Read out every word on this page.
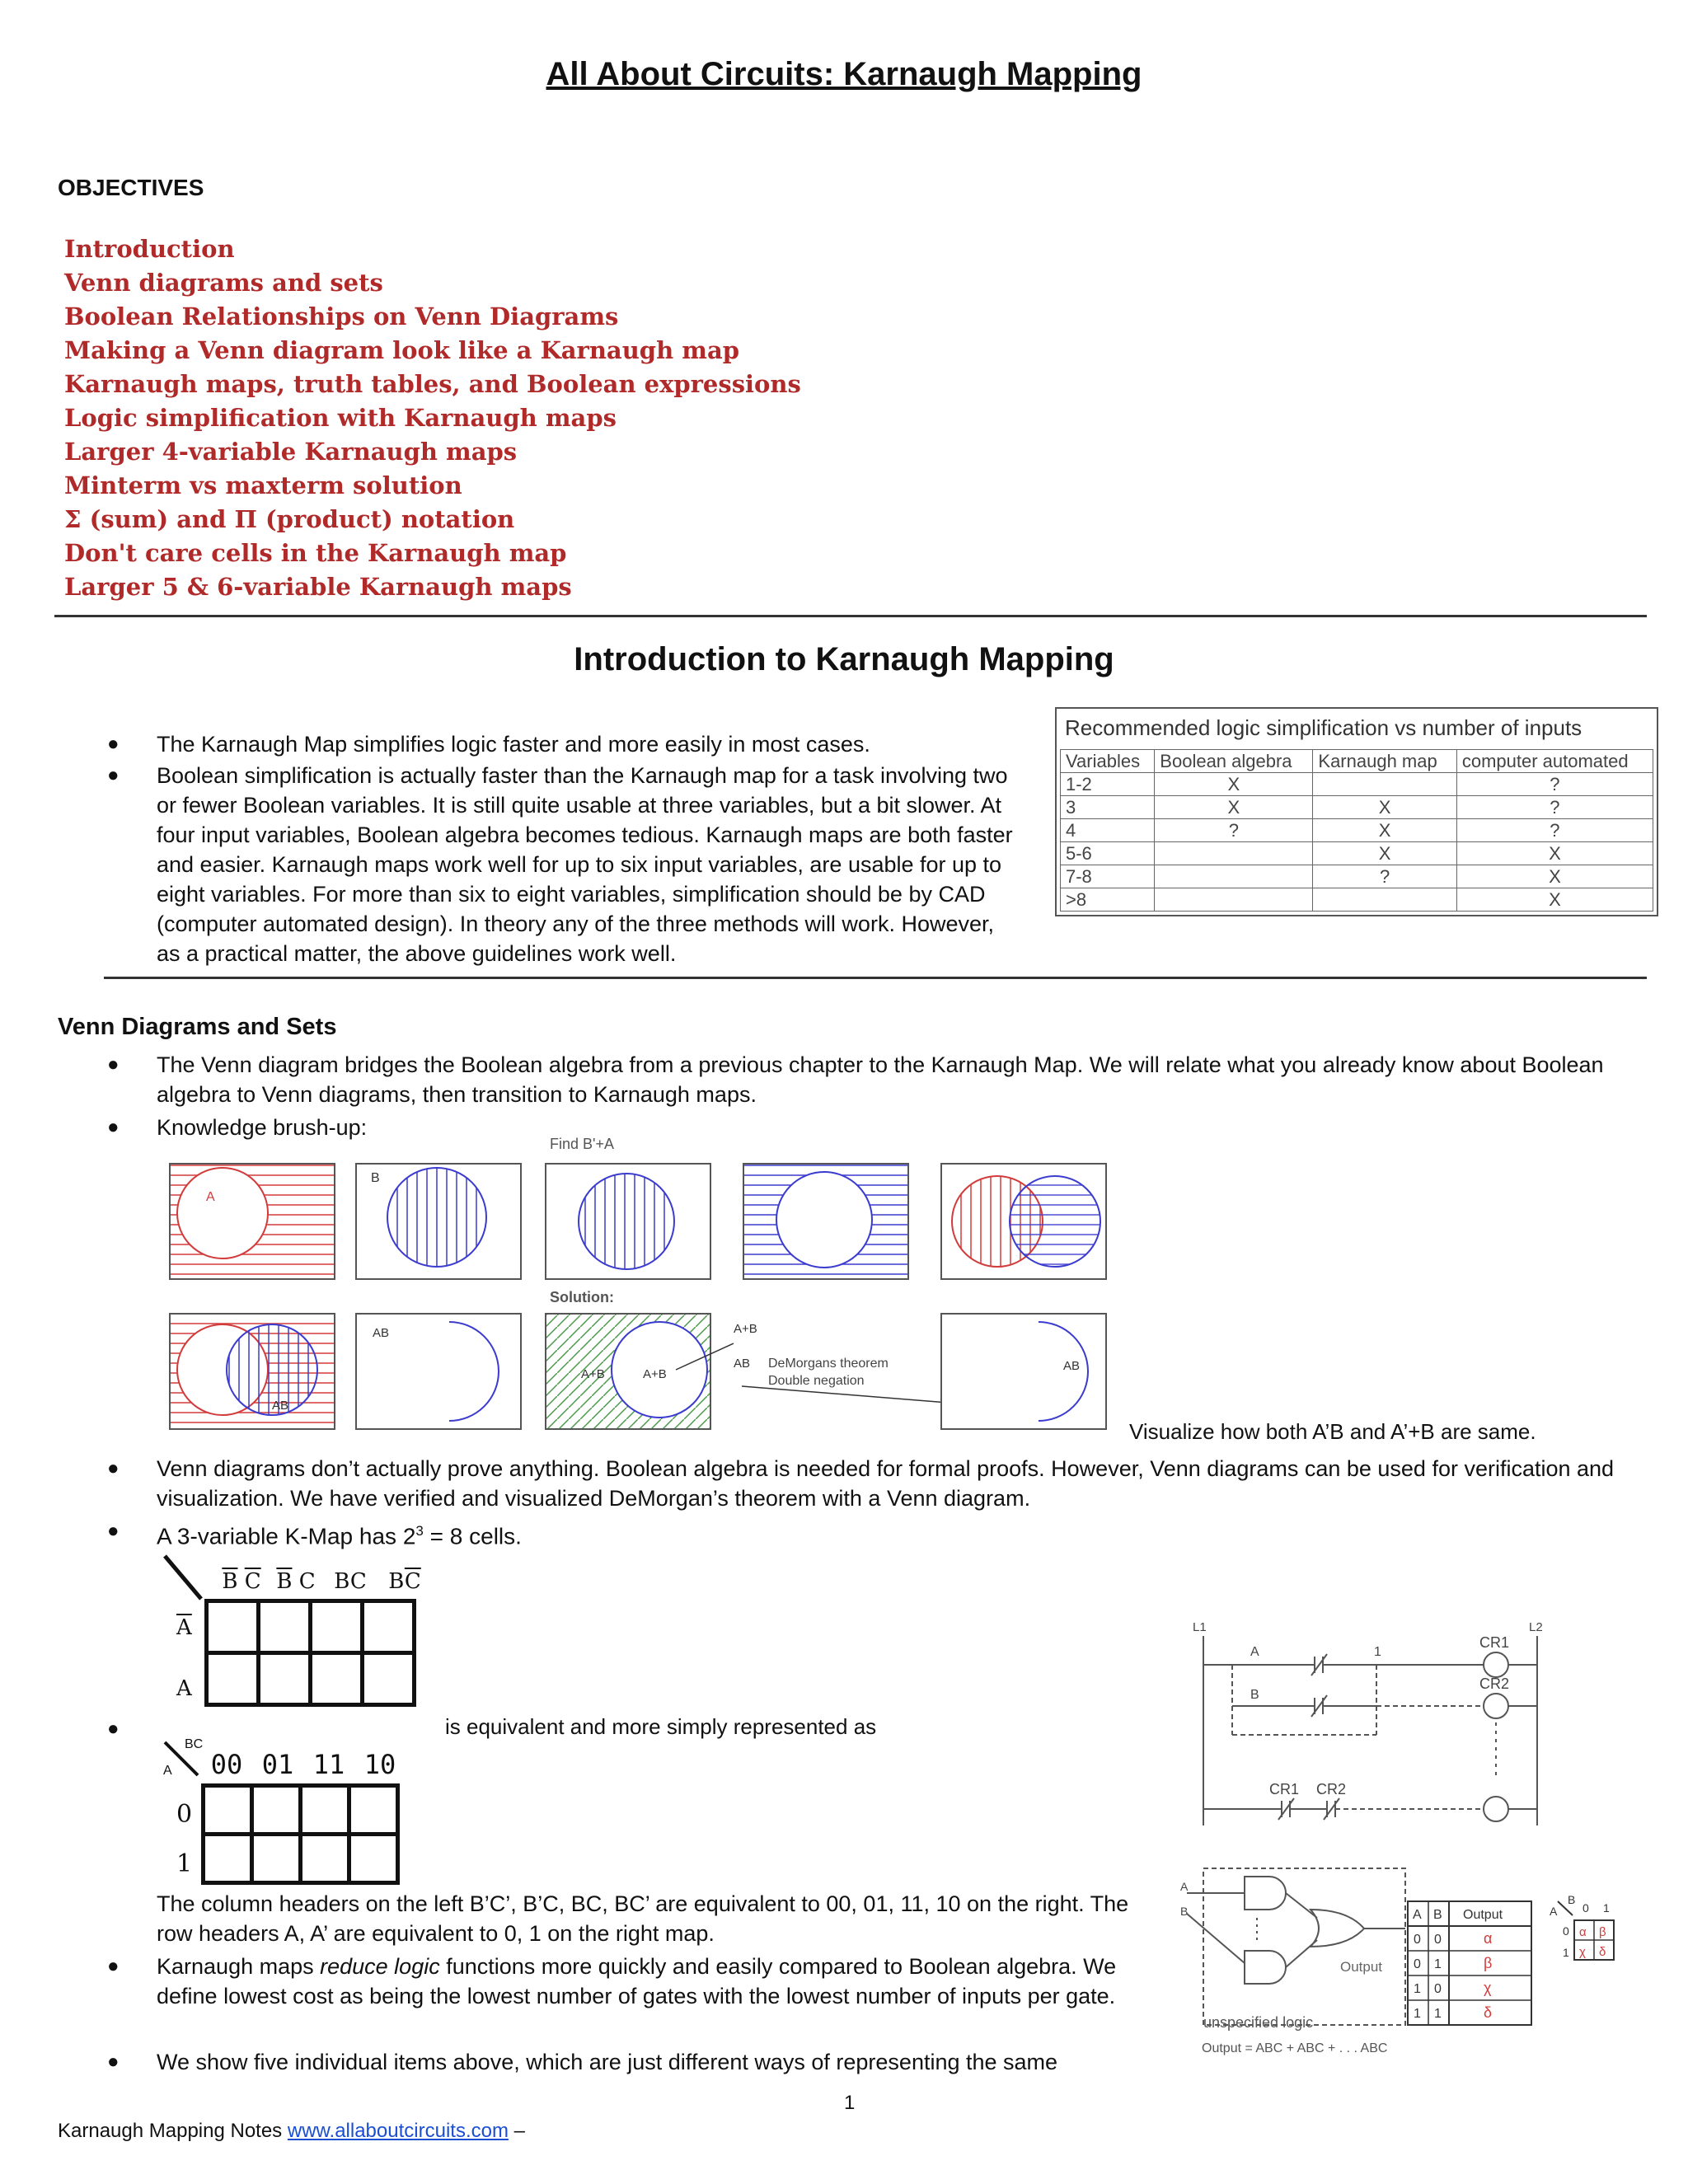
All About Circuits: Karnaugh Mapping
OBJECTIVES
Introduction
Venn diagrams and sets
Boolean Relationships on Venn Diagrams
Making a Venn diagram look like a Karnaugh map
Karnaugh maps, truth tables, and Boolean expressions
Logic simplification with Karnaugh maps
Larger 4-variable Karnaugh maps
Minterm vs maxterm solution
Σ (sum) and Π (product) notation
Don't care cells in the Karnaugh map
Larger 5 & 6-variable Karnaugh maps
Introduction to Karnaugh Mapping
● The Karnaugh Map simplifies logic faster and more easily in most cases.
● Boolean simplification is actually faster than the Karnaugh map for a task involving two or fewer Boolean variables. It is still quite usable at three variables, but a bit slower. At four input variables, Boolean algebra becomes tedious. Karnaugh maps are both faster and easier. Karnaugh maps work well for up to six input variables, are usable for up to eight variables. For more than six to eight variables, simplification should be by CAD (computer automated design). In theory any of the three methods will work. However, as a practical matter, the above guidelines work well.
Recommended logic simplification vs number of inputs
Variables	Boolean algebra	Karnaugh map	computer automated
1-2	X		?
3	X	X	?
4	?	X	?
5-6		X	X
7-8		?	X
>8			X
Venn Diagrams and Sets
● The Venn diagram bridges the Boolean algebra from a previous chapter to the Karnaugh Map. We will relate what you already know about Boolean algebra to Venn diagrams, then transition to Karnaugh maps.
● Knowledge brush-up:
Find B'+A
Solution:
A
B
AB
AB
A+B	A+B
A+B
AB DeMorgans theorem
Double negation
AB
Visualize how both A’B and A’+B are same.
● Venn diagrams don’t actually prove anything. Boolean algebra is needed for formal proofs. However, Venn diagrams can be used for verification and visualization. We have verified and visualized DeMorgan’s theorem with a Venn diagram.
● A 3-variable K-Map has $2^3 = 8$ cells.
$\overline{B}$ $\overline{C}$ $\overline{B}$ C BC	$B\overline{C}$
$\overline{A}$
A

●	is equivalent and more simply represented as
BC
A	00 01 11 10
0
1

The column headers on the left B’C’, B’C, BC, BC’ are equivalent to 00, 01, 11, 10 on the right. The row headers A, A’ are equivalent to 0, 1 on the right map.
● Karnaugh maps reduce logic functions more quickly and easily compared to Boolean algebra. We define lowest cost as being the lowest number of gates with the lowest number of inputs per gate.
● We show five individual items above, which are just different ways of representing the same
L1	L2
A	1
B
CR1
CR2
CR1 CR2
A
B
Output
unspecified logic
Output = ABC + ABC + . . . ABC
A B Output
0 0	α
0 1	β
1 0	χ
1 1	δ
A
B
0 1
0
1
α β
χ δ
1
Karnaugh Mapping Notes www.allaboutcircuits.com –
